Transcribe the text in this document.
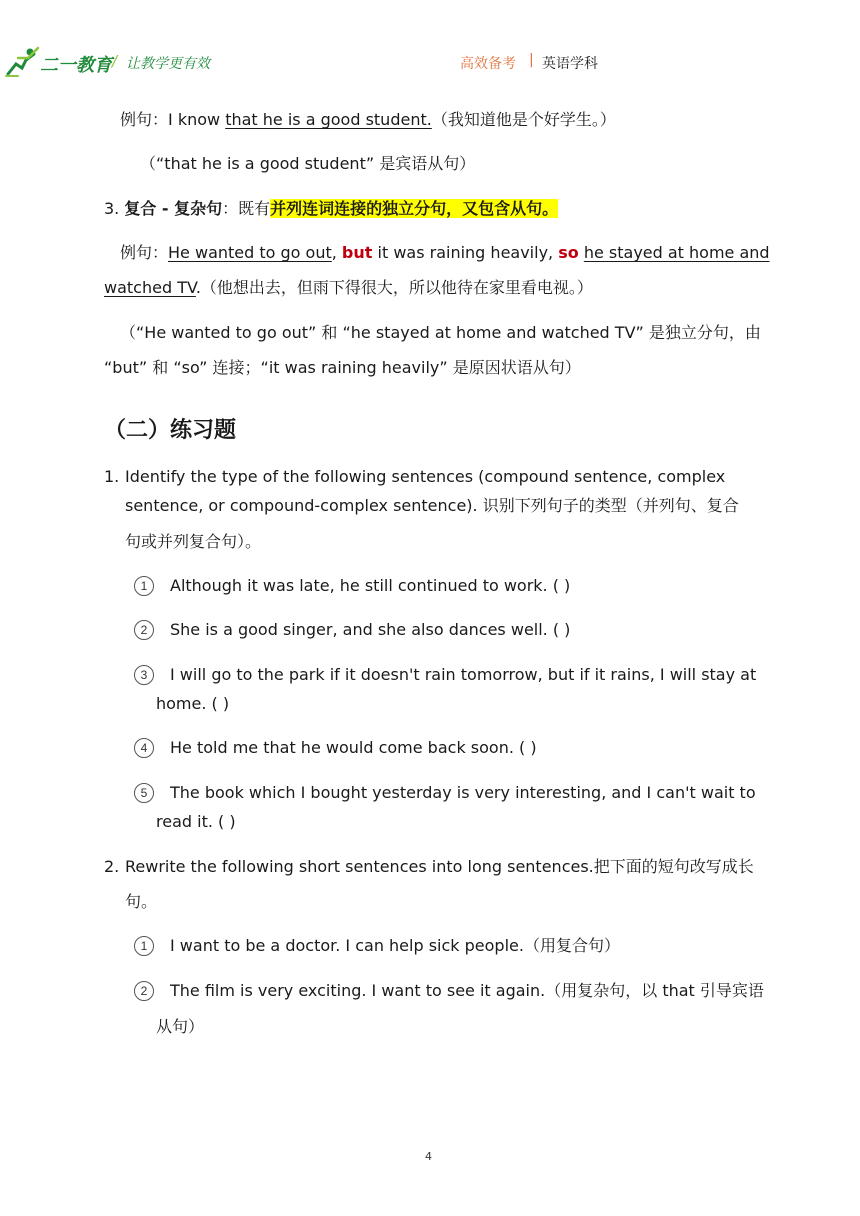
二一教育 / 让教学更有效	高效备考 | 英语学科
例句：I know that he is a good student.（我知道他是个好学生。）
（“that he is a good student” 是宾语从句）
3. 复合 - 复杂句：既有并列连词连接的独立分句，又包含从句。
例句：He wanted to go out, but it was raining heavily, so he stayed at home and
watched TV.（他想出去，但雨下得很大，所以他待在家里看电视。）
（“He wanted to go out” 和 “he stayed at home and watched TV” 是独立分句，由
“but” 和 “so” 连接；“it was raining heavily” 是原因状语从句）
（二）练习题
1. Identify the type of the following sentences (compound sentence, complex
sentence, or compound-complex sentence). 识别下列句子的类型（并列句、复合
句或并列复合句）。
1	Although it was late, he still continued to work. ( )
2	She is a good singer, and she also dances well. ( )
3	I will go to the park if it doesn't rain tomorrow, but if it rains, I will stay at
home. ( )
4	He told me that he would come back soon. ( )
5	The book which I bought yesterday is very interesting, and I can't wait to
read it. ( )
2. Rewrite the following short sentences into long sentences.把下面的短句改写成长
句。
1	I want to be a doctor. I can help sick people.（用复合句）
2	The film is very exciting. I want to see it again.（用复杂句，以 that 引导宾语
从句）
4
